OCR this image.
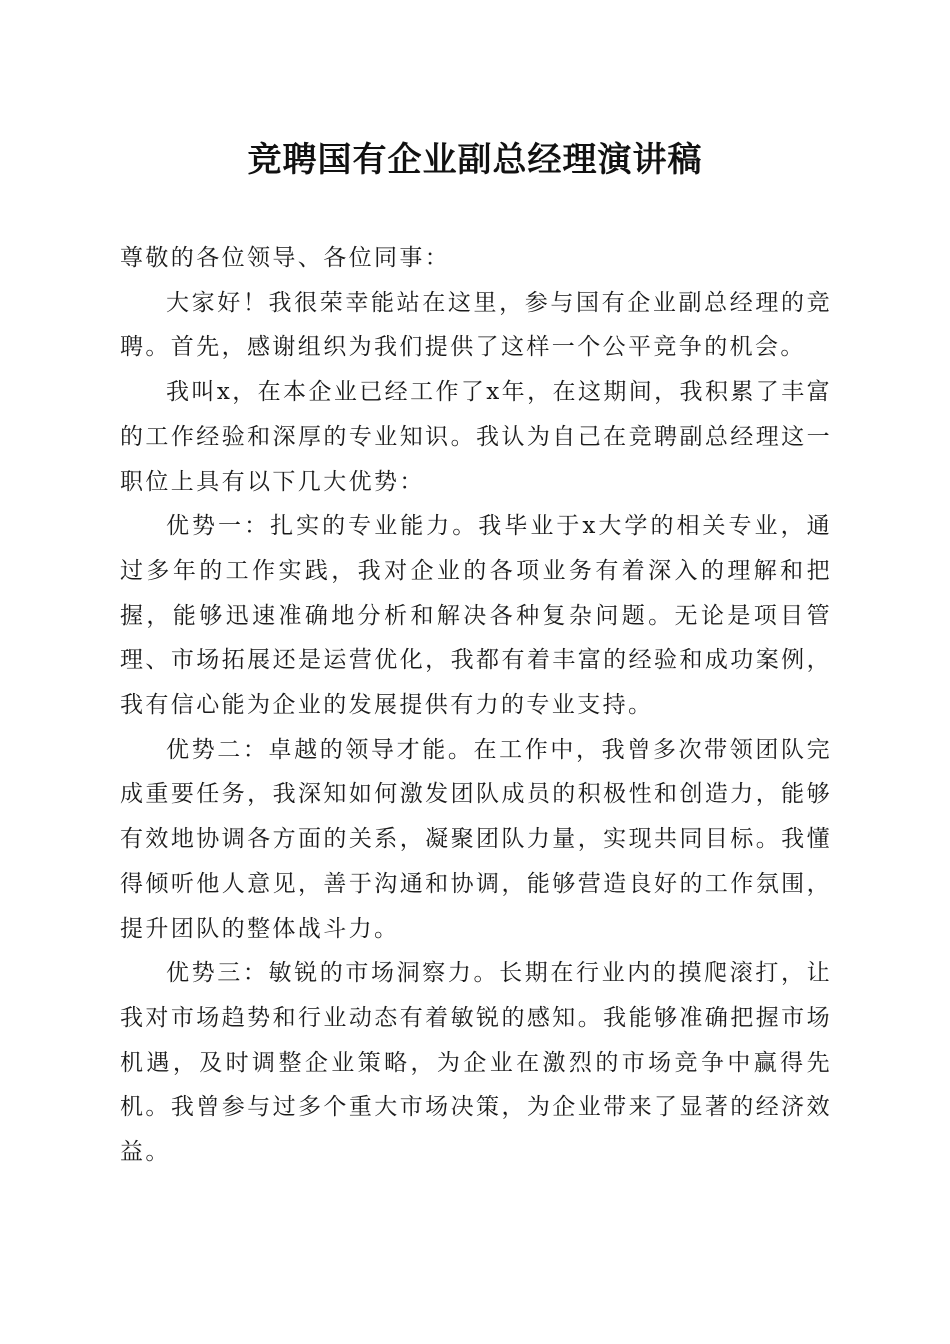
竞聘国有企业副总经理演讲稿

尊敬的各位领导、各位同事：

大家好！我很荣幸能站在这里，参与国有企业副总经理的竞聘。首先，感谢组织为我们提供了这样一个公平竞争的机会。

我叫x，在本企业已经工作了x年，在这期间，我积累了丰富的工作经验和深厚的专业知识。我认为自己在竞聘副总经理这一职位上具有以下几大优势：

优势一：扎实的专业能力。我毕业于x大学的相关专业，通过多年的工作实践，我对企业的各项业务有着深入的理解和把握，能够迅速准确地分析和解决各种复杂问题。无论是项目管理、市场拓展还是运营优化，我都有着丰富的经验和成功案例，我有信心能为企业的发展提供有力的专业支持。

优势二：卓越的领导才能。在工作中，我曾多次带领团队完成重要任务，我深知如何激发团队成员的积极性和创造力，能够有效地协调各方面的关系，凝聚团队力量，实现共同目标。我懂得倾听他人意见，善于沟通和协调，能够营造良好的工作氛围，提升团队的整体战斗力。

优势三：敏锐的市场洞察力。长期在行业内的摸爬滚打，让我对市场趋势和行业动态有着敏锐的感知。我能够准确把握市场机遇，及时调整企业策略，为企业在激烈的市场竞争中赢得先机。我曾参与过多个重大市场决策，为企业带来了显著的经济效益。
